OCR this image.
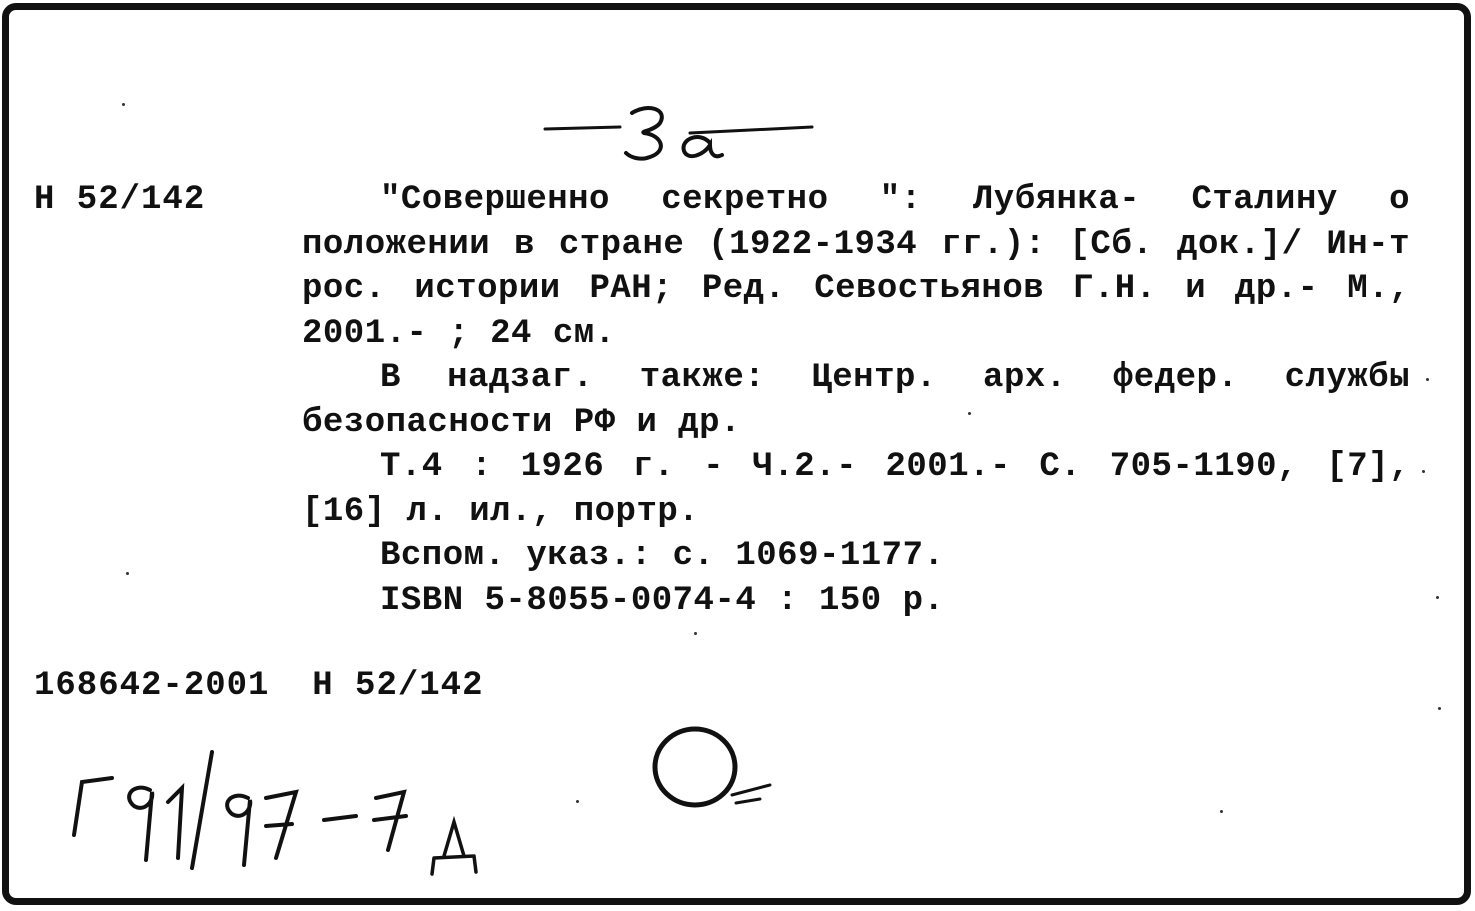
Н 52/142	"Совершенно секретно ": Лубянка- Сталину о положении в стране (1922-1934 гг.): [Сб. док.]/ Ин-т рос. истории РАН; Ред. Севостьянов Г.Н. и др.- М., 2001.- ; 24 см.

В надзаг. также: Центр. арх. федер. службы безопасности РФ и др.

Т.4 : 1926 г. - Ч.2.- 2001.- С. 705-1190, [7], [16] л. ил., портр.

Вспом. указ.: с. 1069-1177.

ISBN 5-8055-0074-4 : 150 р.

168642-2001  Н 52/142
